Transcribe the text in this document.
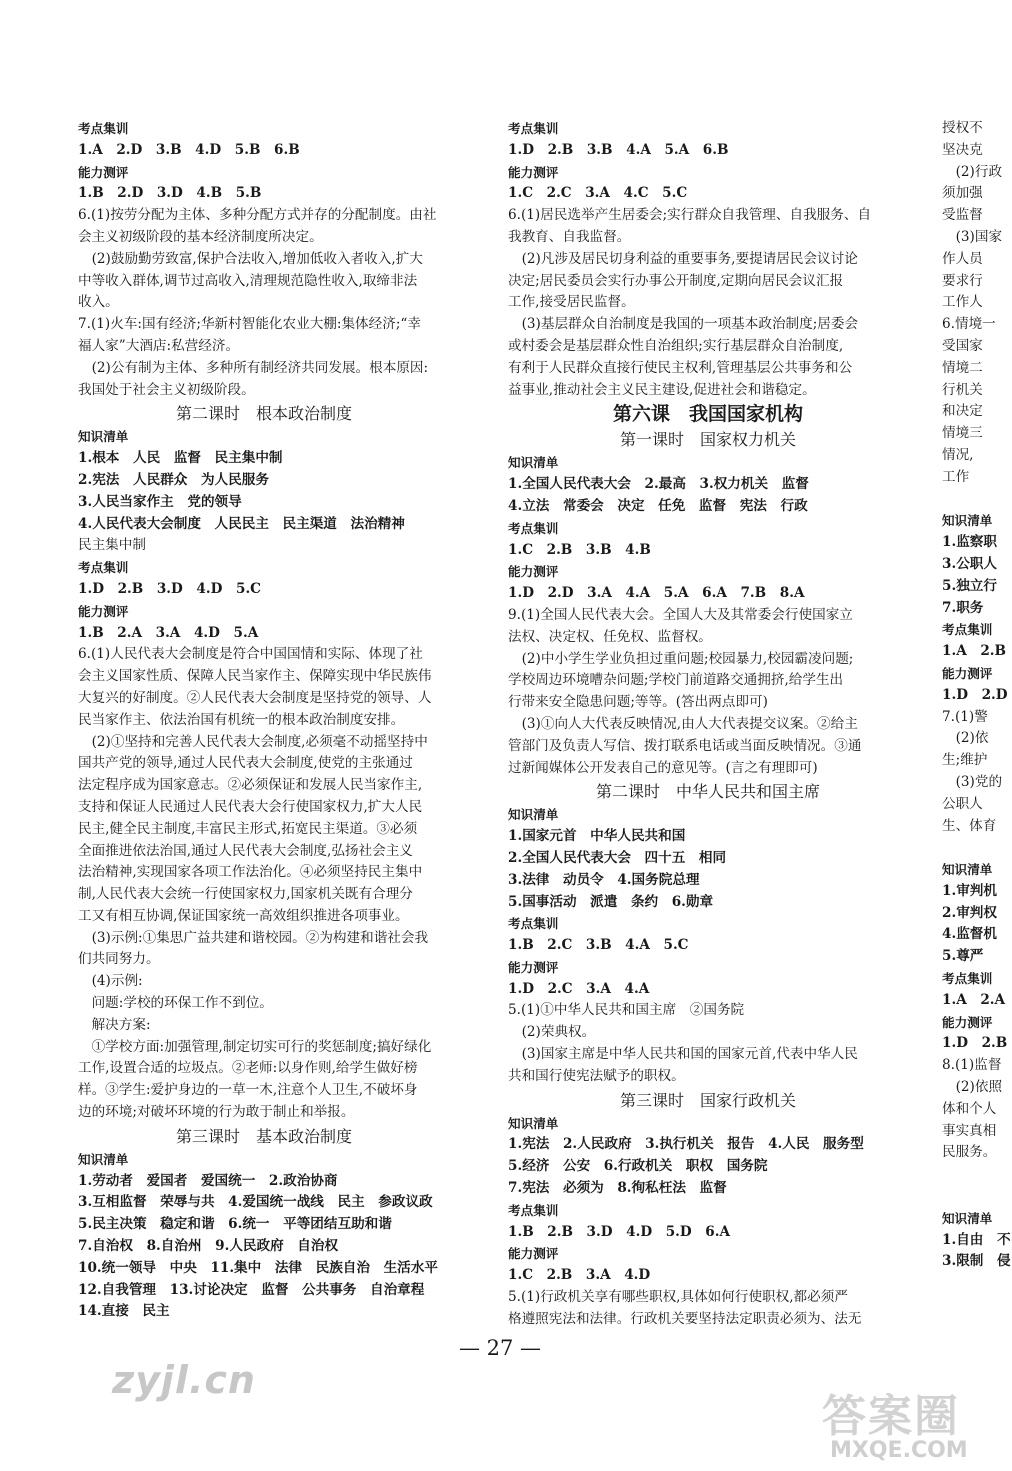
考点集训

1.A　2.D　3.B　4.D　5.B　6.B

能力测评

1.B　2.D　3.D　4.B　5.B

6.(1)按劳分配为主体、多种分配方式并存的分配制度。由社

会主义初级阶段的基本经济制度所决定。

(2)鼓励勤劳致富,保护合法收入,增加低收入者收入,扩大

中等收入群体,调节过高收入,清理规范隐性收入,取缔非法

收入。

7.(1)火车:国有经济;华新村智能化农业大棚:集体经济;“幸

福人家”大酒店:私营经济。

(2)公有制为主体、多种所有制经济共同发展。根本原因:

我国处于社会主义初级阶段。

第二课时　根本政治制度

知识清单

1.根本　人民　监督　民主集中制

2.宪法　人民群众　为人民服务

3.人民当家作主　党的领导

4.人民代表大会制度　人民民主　民主渠道　法治精神

民主集中制

考点集训

1.D　2.B　3.D　4.D　5.C

能力测评

1.B　2.A　3.A　4.D　5.A

6.(1)人民代表大会制度是符合中国国情和实际、体现了社

会主义国家性质、保障人民当家作主、保障实现中华民族伟

大复兴的好制度。②人民代表大会制度是坚持党的领导、人

民当家作主、依法治国有机统一的根本政治制度安排。

(2)①坚持和完善人民代表大会制度,必须毫不动摇坚持中

国共产党的领导,通过人民代表大会制度,使党的主张通过

法定程序成为国家意志。②必须保证和发展人民当家作主,

支持和保证人民通过人民代表大会行使国家权力,扩大人民

民主,健全民主制度,丰富民主形式,拓宽民主渠道。③必须

全面推进依法治国,通过人民代表大会制度,弘扬社会主义

法治精神,实现国家各项工作法治化。④必须坚持民主集中

制,人民代表大会统一行使国家权力,国家机关既有合理分

工又有相互协调,保证国家统一高效组织推进各项事业。

(3)示例:①集思广益共建和谐校园。②为构建和谐社会我

们共同努力。

(4)示例:

问题:学校的环保工作不到位。

解决方案:

①学校方面:加强管理,制定切实可行的奖惩制度;搞好绿化

工作,设置合适的垃圾点。②老师:以身作则,给学生做好榜

样。③学生:爱护身边的一草一木,注意个人卫生,不破坏身

边的环境;对破坏环境的行为敢于制止和举报。

第三课时　基本政治制度

知识清单

1.劳动者　爱国者　爱国统一　2.政治协商

3.互相监督　荣辱与共　4.爱国统一战线　民主　参政议政

5.民主决策　稳定和谐　6.统一　平等团结互助和谐

7.自治权　8.自治州　9.人民政府　自治权

10.统一领导　中央　11.集中　法律　民族自治　生活水平

12.自我管理　13.讨论决定　监督　公共事务　自治章程

14.直接　民主

考点集训

1.D　2.B　3.B　4.A　5.A　6.B

能力测评

1.C　2.C　3.A　4.C　5.C

6.(1)居民选举产生居委会;实行群众自我管理、自我服务、自

我教育、自我监督。

(2)凡涉及居民切身利益的重要事务,要提请居民会议讨论

决定;居民委员会实行办事公开制度,定期向居民会议汇报

工作,接受居民监督。

(3)基层群众自治制度是我国的一项基本政治制度;居委会

或村委会是基层群众性自治组织;实行基层群众自治制度,

有利于人民群众直接行使民主权利,管理基层公共事务和公

益事业,推动社会主义民主建设,促进社会和谐稳定。

第六课　我国国家机构

第一课时　国家权力机关

知识清单

1.全国人民代表大会　2.最高　3.权力机关　监督

4.立法　常委会　决定　任免　监督　宪法　行政

考点集训

1.C　2.B　3.B　4.B

能力测评

1.D　2.D　3.A　4.A　5.A　6.A　7.B　8.A

9.(1)全国人民代表大会。全国人大及其常委会行使国家立

法权、决定权、任免权、监督权。

(2)中小学生学业负担过重问题;校园暴力,校园霸凌问题;

学校周边环境嘈杂问题;学校门前道路交通拥挤,给学生出

行带来安全隐患问题;等等。(答出两点即可)

(3)①向人大代表反映情况,由人大代表提交议案。②给主

管部门及负责人写信、拨打联系电话或当面反映情况。③通

过新闻媒体公开发表自己的意见等。(言之有理即可)

第二课时　中华人民共和国主席

知识清单

1.国家元首　中华人民共和国

2.全国人民代表大会　四十五　相同

3.法律　动员令　4.国务院总理

5.国事活动　派遣　条约　6.勋章

考点集训

1.B　2.C　3.B　4.A　5.C

能力测评

1.D　2.C　3.A　4.A

5.(1)①中华人民共和国主席　②国务院

(2)荣典权。

(3)国家主席是中华人民共和国的国家元首,代表中华人民

共和国行使宪法赋予的职权。

第三课时　国家行政机关

知识清单

1.宪法　2.人民政府　3.执行机关　报告　4.人民　服务型

5.经济　公安　6.行政机关　职权　国务院

7.宪法　必须为　8.徇私枉法　监督

考点集训

1.B　2.B　3.D　4.D　5.D　6.A

能力测评

1.C　2.B　3.A　4.D

5.(1)行政机关享有哪些职权,具体如何行使职权,都必须严

格遵照宪法和法律。行政机关要坚持法定职责必须为、法无

授权不

坚决克

(2)行政

须加强

受监督

(3)国家

作人员

要求行

工作人

6.情境一

受国家

情境二

行机关

和决定

情境三

情况,

工作

知识清单

1.监察职

3.公职人

5.独立行

7.职务　

考点集训

1.A　2.B

能力测评

1.D　2.D

7.(1)警

(2)依

生;维护

(3)党的

公职人

生、体育

知识清单

1.审判机

2.审判权

4.监督机

5.尊严

考点集训

1.A　2.A

能力测评

1.D　2.B

8.(1)监督

(2)依照

体和个人

事实真相

民服务。

知识清单

1.自由　不

3.限制　侵

— 27 —
zyjl.cn
答案圈
MXQE.COM
